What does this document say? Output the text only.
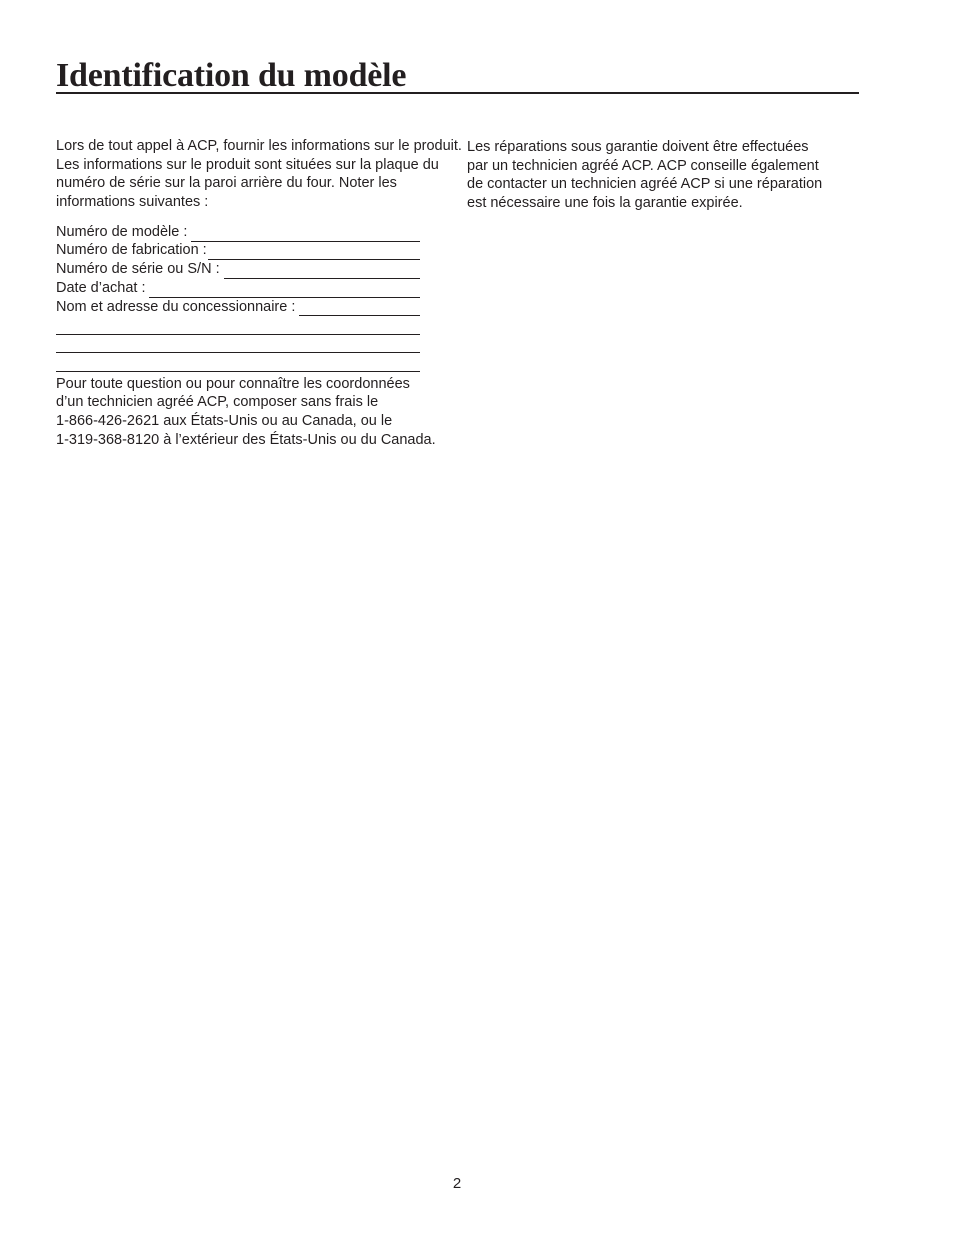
Identification du modèle

Lors de tout appel à ACP, fournir les informations sur le produit. Les informations sur le produit sont situées sur la plaque du numéro de série sur la paroi arrière du four. Noter les informations suivantes :

Numéro de modèle :
Numéro de fabrication :
Numéro de série ou S/N :
Date d’achat :
Nom et adresse du concessionnaire :
Pour toute question ou pour connaître les coordonnées
d’un technicien agréé ACP, composer sans frais le
1-866-426-2621 aux États-Unis ou au Canada, ou le
1-319-368-8120 à l’extérieur des États-Unis ou du Canada.
Les réparations sous garantie doivent être effectuées
par un technicien agréé ACP. ACP conseille également
de contacter un technicien agréé ACP si une réparation
est nécessaire une fois la garantie expirée.
2
